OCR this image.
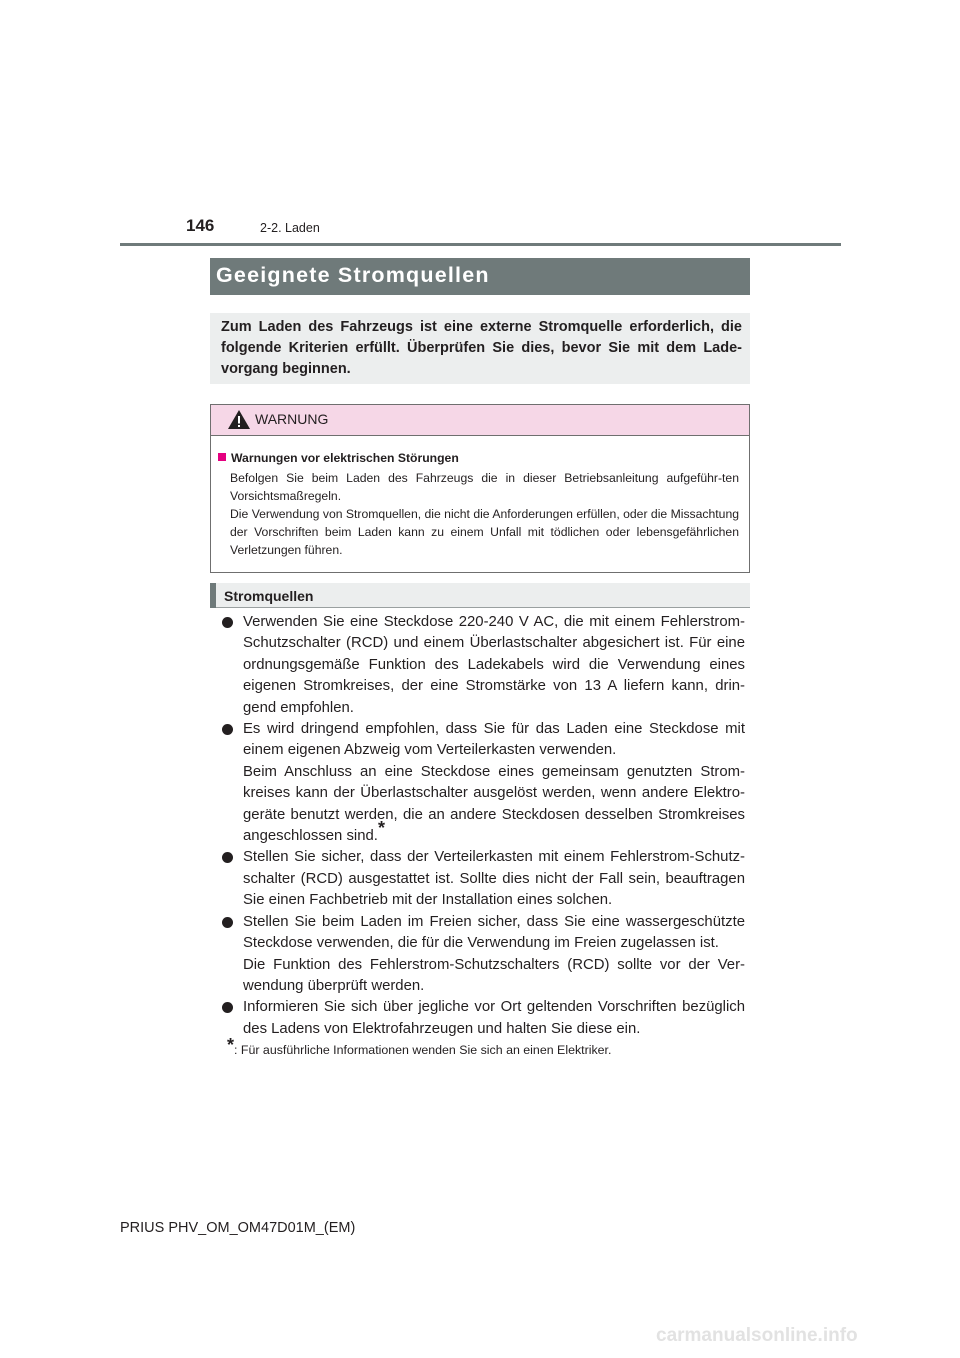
146	2-2. Laden
Geeignete Stromquellen
Zum Laden des Fahrzeugs ist eine externe Stromquelle erforderlich, die folgende Kriterien erfüllt. Überprüfen Sie dies, bevor Sie mit dem Lade-vorgang beginnen.
WARNUNG
Warnungen vor elektrischen Störungen

Befolgen Sie beim Laden des Fahrzeugs die in dieser Betriebsanleitung aufgeführ-ten Vorsichtsmaßregeln.

Die Verwendung von Stromquellen, die nicht die Anforderungen erfüllen, oder die Missachtung der Vorschriften beim Laden kann zu einem Unfall mit tödlichen oder lebensgefährlichen Verletzungen führen.

Stromquellen

Verwenden Sie eine Steckdose 220-240 V AC, die mit einem Fehlerstrom-Schutzschalter (RCD) und einem Überlastschalter abgesichert ist. Für eine ordnungsgemäße Funktion des Ladekabels wird die Verwendung eines eigenen Stromkreises, der eine Stromstärke von 13 A liefern kann, drin-gend empfohlen.

Es wird dringend empfohlen, dass Sie für das Laden eine Steckdose mit einem eigenen Abzweig vom Verteilerkasten verwenden.

Beim Anschluss an eine Steckdose eines gemeinsam genutzten Strom-kreises kann der Überlastschalter ausgelöst werden, wenn andere Elektro-geräte benutzt werden, die an andere Steckdosen desselben Stromkreises angeschlossen sind.*

Stellen Sie sicher, dass der Verteilerkasten mit einem Fehlerstrom-Schutz-schalter (RCD) ausgestattet ist. Sollte dies nicht der Fall sein, beauftragen Sie einen Fachbetrieb mit der Installation eines solchen.

Stellen Sie beim Laden im Freien sicher, dass Sie eine wassergeschützte Steckdose verwenden, die für die Verwendung im Freien zugelassen ist.

Die Funktion des Fehlerstrom-Schutzschalters (RCD) sollte vor der Ver-wendung überprüft werden.

Informieren Sie sich über jegliche vor Ort geltenden Vorschriften bezüglich des Ladens von Elektrofahrzeugen und halten Sie diese ein.

*: Für ausführliche Informationen wenden Sie sich an einen Elektriker.
PRIUS PHV_OM_OM47D01M_(EM)
carmanualsonline.info
